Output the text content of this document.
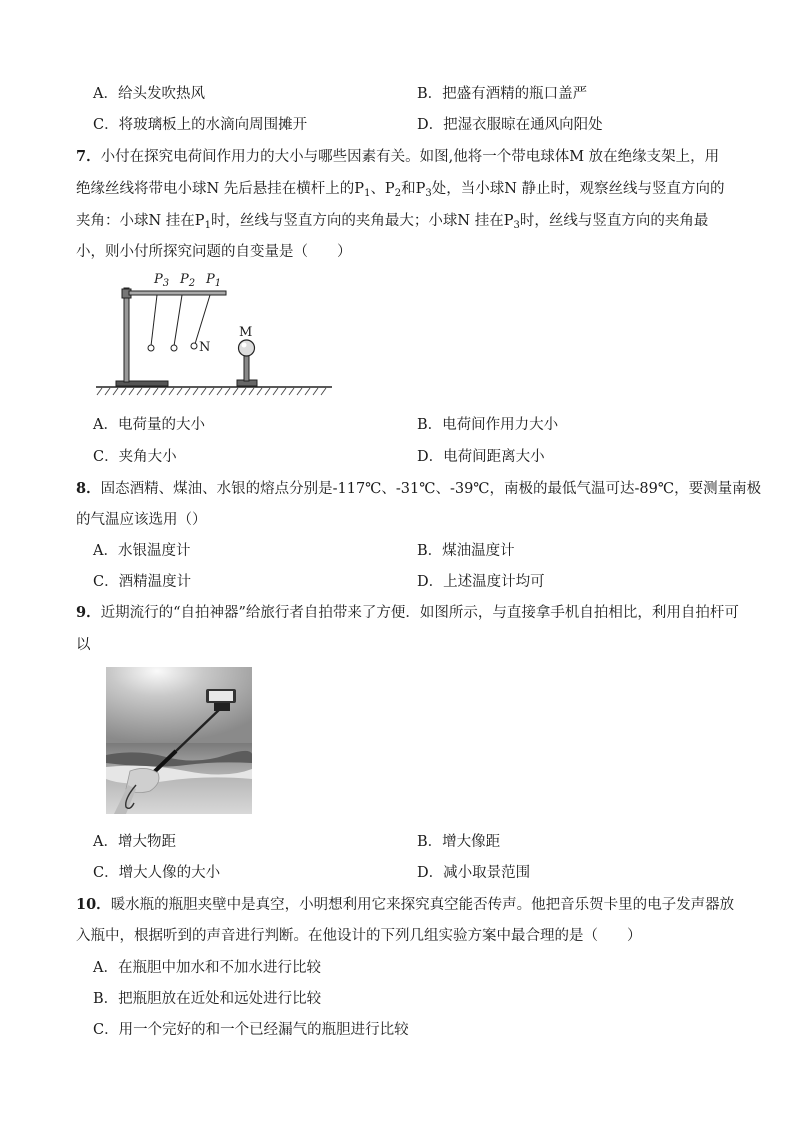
A．给头发吹热风	B．把盛有酒精的瓶口盖严
C．将玻璃板上的水滴向周围摊开	D．把湿衣服晾在通风向阳处
7．小付在探究电荷间作用力的大小与哪些因素有关。如图,他将一个带电球体M 放在绝缘支架上，用
绝缘丝线将带电小球N 先后悬挂在横杆上的$P_1$、$P_2$和$P_3$处，当小球N 静止时，观察丝线与竖直方向的
夹角：小球N 挂在$P_1$时，丝线与竖直方向的夹角最大；小球N 挂在$P_3$时，丝线与竖直方向的夹角最
小，则小付所探究问题的自变量是（　　）
$P_3$ $P_2$ $P_1$
N
M
A．电荷量的大小	B．电荷间作用力大小
C．夹角大小	D．电荷间距离大小
8．固态酒精、煤油、水银的熔点分别是-117℃、-31℃、-39℃，南极的最低气温可达-89℃，要测量南极
的气温应该选用（）
A．水银温度计	B．煤油温度计
C．酒精温度计	D．上述温度计均可
9．近期流行的“自拍神器”给旅行者自拍带来了方便．如图所示，与直接拿手机自拍相比，利用自拍杆可
以
A．增大物距	B．增大像距
C．增大人像的大小	D．减小取景范围
10．暖水瓶的瓶胆夹壁中是真空，小明想利用它来探究真空能否传声。他把音乐贺卡里的电子发声器放
入瓶中，根据听到的声音进行判断。在他设计的下列几组实验方案中最合理的是（　　）
A．在瓶胆中加水和不加水进行比较
B．把瓶胆放在近处和远处进行比较
C．用一个完好的和一个已经漏气的瓶胆进行比较
